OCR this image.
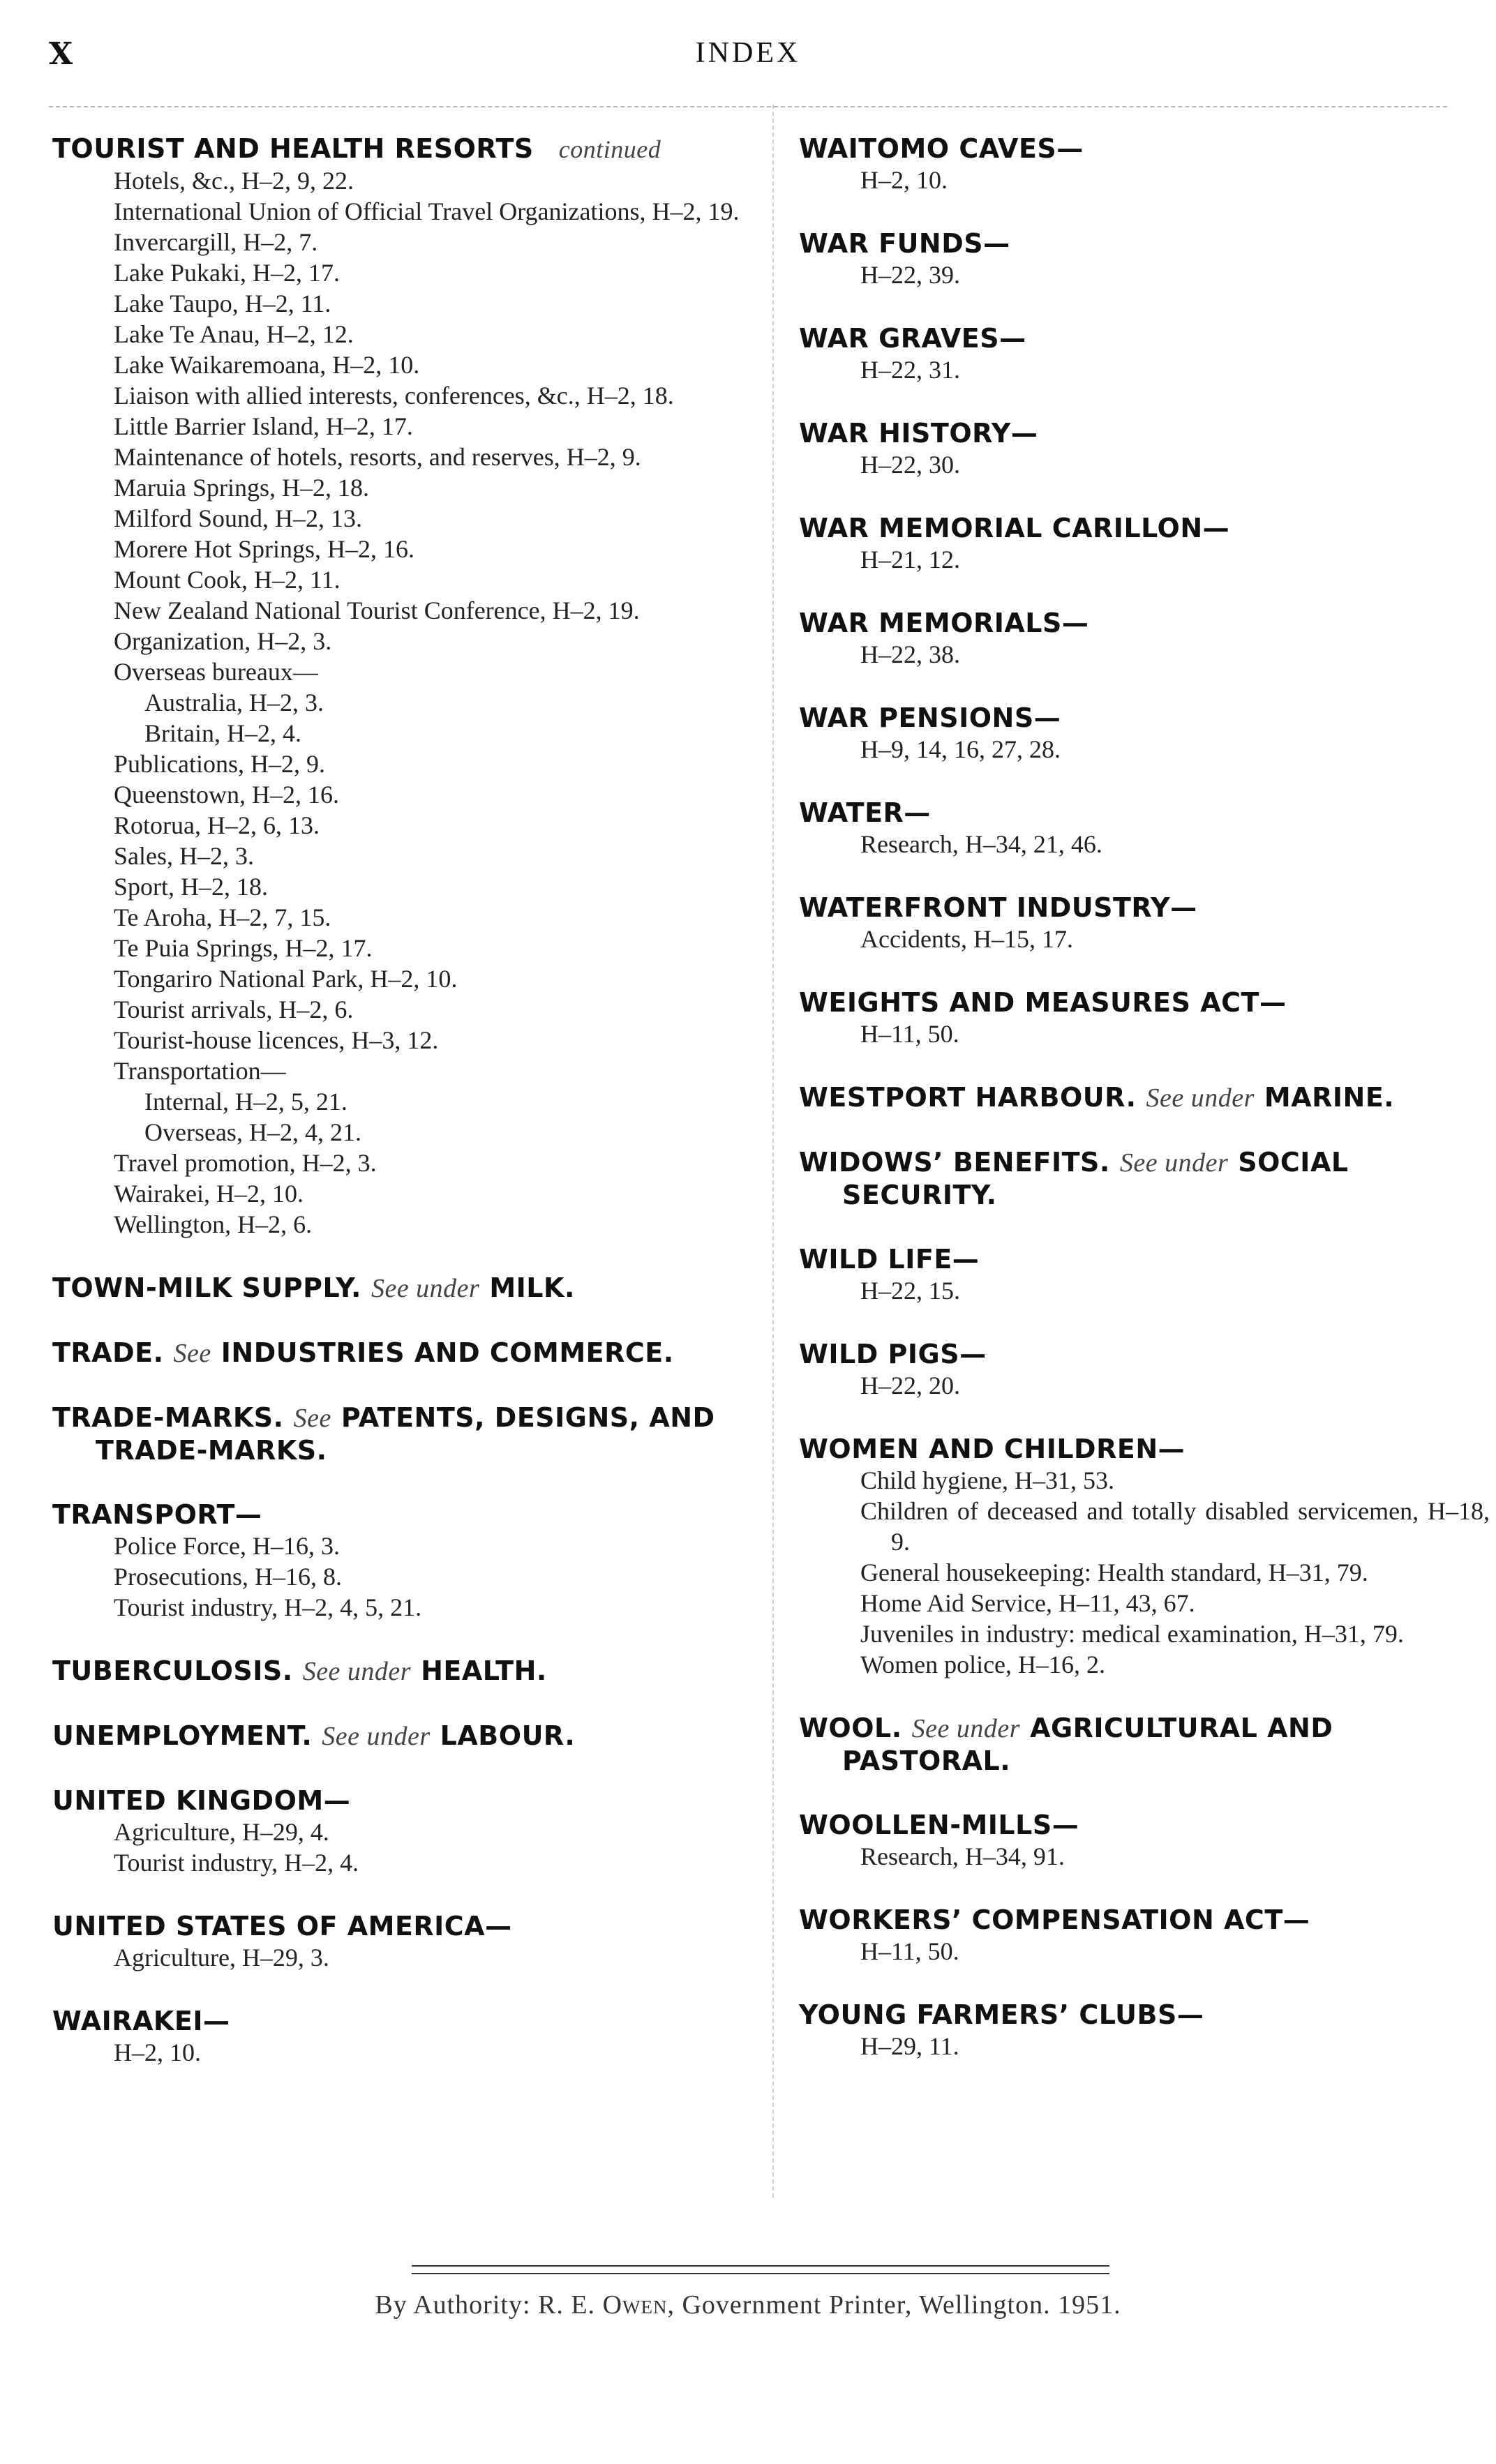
X	INDEX

TOURIST AND HEALTH RESORTS continued

Hotels, &c., H–2, 9, 22.

International Union of Official Travel Organizations, H–2, 19.

Invercargill, H–2, 7.

Lake Pukaki, H–2, 17.

Lake Taupo, H–2, 11.

Lake Te Anau, H–2, 12.

Lake Waikaremoana, H–2, 10.

Liaison with allied interests, conferences, &c., H–2, 18.

Little Barrier Island, H–2, 17.

Maintenance of hotels, resorts, and reserves, H–2, 9.

Maruia Springs, H–2, 18.

Milford Sound, H–2, 13.

Morere Hot Springs, H–2, 16.

Mount Cook, H–2, 11.

New Zealand National Tourist Conference, H–2, 19.

Organization, H–2, 3.

Overseas bureaux—

Australia, H–2, 3.

Britain, H–2, 4.

Publications, H–2, 9.

Queenstown, H–2, 16.

Rotorua, H–2, 6, 13.

Sales, H–2, 3.

Sport, H–2, 18.

Te Aroha, H–2, 7, 15.

Te Puia Springs, H–2, 17.

Tongariro National Park, H–2, 10.

Tourist arrivals, H–2, 6.

Tourist-house licences, H–3, 12.

Transportation—

Internal, H–2, 5, 21.

Overseas, H–2, 4, 21.

Travel promotion, H–2, 3.

Wairakei, H–2, 10.

Wellington, H–2, 6.

TOWN-MILK SUPPLY. See under MILK.

TRADE. See INDUSTRIES AND COMMERCE.

TRADE-MARKS. See PATENTS, DESIGNS, AND TRADE-MARKS.

TRANSPORT—

Police Force, H–16, 3.

Prosecutions, H–16, 8.

Tourist industry, H–2, 4, 5, 21.

TUBERCULOSIS. See under HEALTH.

UNEMPLOYMENT. See under LABOUR.

UNITED KINGDOM—

Agriculture, H–29, 4.

Tourist industry, H–2, 4.

UNITED STATES OF AMERICA—

Agriculture, H–29, 3.

WAIRAKEI—

H–2, 10.

WAITOMO CAVES—

H–2, 10.

WAR FUNDS—

H–22, 39.

WAR GRAVES—

H–22, 31.

WAR HISTORY—

H–22, 30.

WAR MEMORIAL CARILLON—

H–21, 12.

WAR MEMORIALS—

H–22, 38.

WAR PENSIONS—

H–9, 14, 16, 27, 28.

WATER—

Research, H–34, 21, 46.

WATERFRONT INDUSTRY—

Accidents, H–15, 17.

WEIGHTS AND MEASURES ACT—

H–11, 50.

WESTPORT HARBOUR. See under MARINE.

WIDOWS’ BENEFITS. See under SOCIAL SECURITY.

WILD LIFE—

H–22, 15.

WILD PIGS—

H–22, 20.

WOMEN AND CHILDREN—

Child hygiene, H–31, 53.

Children of deceased and totally disabled servicemen, H–18, 9.

General housekeeping: Health standard, H–31, 79.

Home Aid Service, H–11, 43, 67.

Juveniles in industry: medical examination, H–31, 79.

Women police, H–16, 2.

WOOL. See under AGRICULTURAL AND PASTORAL.

WOOLLEN-MILLS—

Research, H–34, 91.

WORKERS’ COMPENSATION ACT—

H–11, 50.

YOUNG FARMERS’ CLUBS—

H–29, 11.

By Authority: R. E. Owen, Government Printer, Wellington. 1951.
